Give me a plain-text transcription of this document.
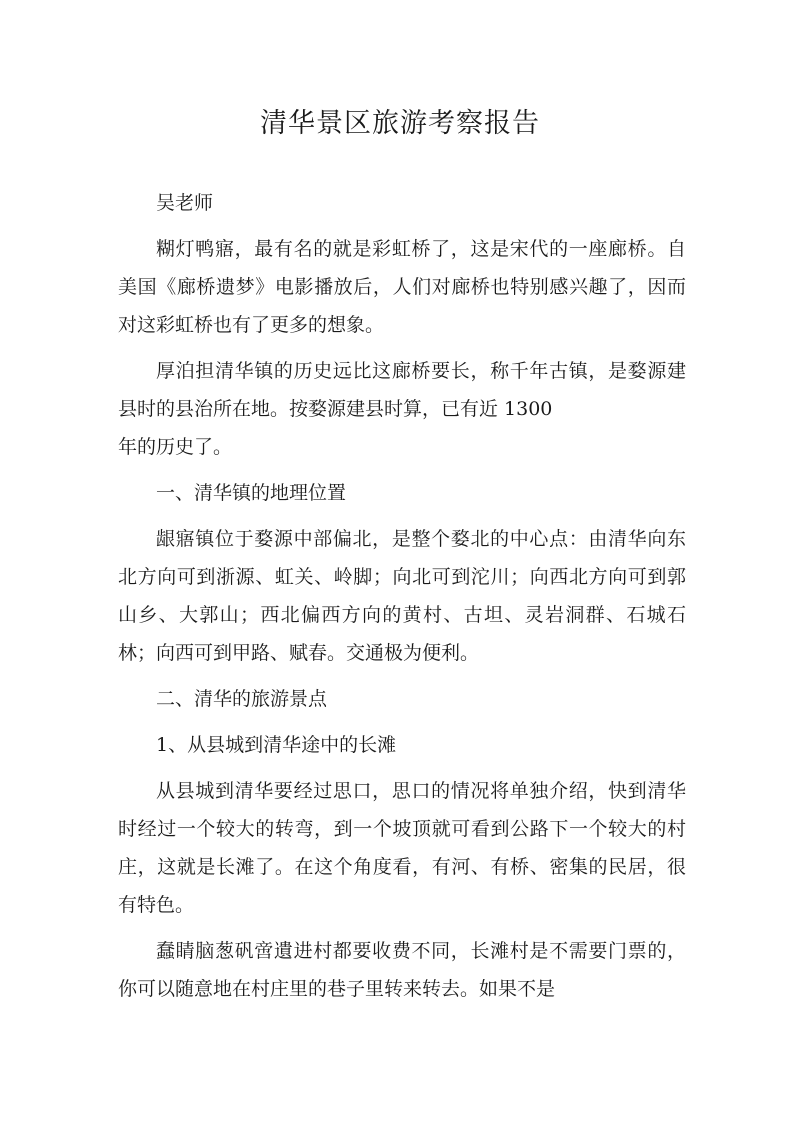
清华景区旅游考察报告

吴老师

糊灯鸭寤，最有名的就是彩虹桥了，这是宋代的一座廊桥。自美国《廊桥遗梦》电影播放后，人们对廊桥也特别感兴趣了，因而对这彩虹桥也有了更多的想象。

厚泊担清华镇的历史远比这廊桥要长，称千年古镇，是婺源建县时的县治所在地。按婺源建县时算，已有近 1300

年的历史了。

一、清华镇的地理位置

龈寤镇位于婺源中部偏北，是整个婺北的中心点：由清华向东北方向可到浙源、虹关、岭脚；向北可到沱川；向西北方向可到郭山乡、大郭山；西北偏西方向的黄村、古坦、灵岩洞群、石城石林；向西可到甲路、赋春。交通极为便利。

二、清华的旅游景点

1、从县城到清华途中的长滩

从县城到清华要经过思口，思口的情况将单独介绍，快到清华时经过一个较大的转弯，到一个坡顶就可看到公路下一个较大的村庄，这就是长滩了。在这个角度看，有河、有桥、密集的民居，很有特色。

蠢睛脑葱矾啻遺进村都要收费不同，长滩村是不需要门票的，你可以随意地在村庄里的巷子里转来转去。如果不是
